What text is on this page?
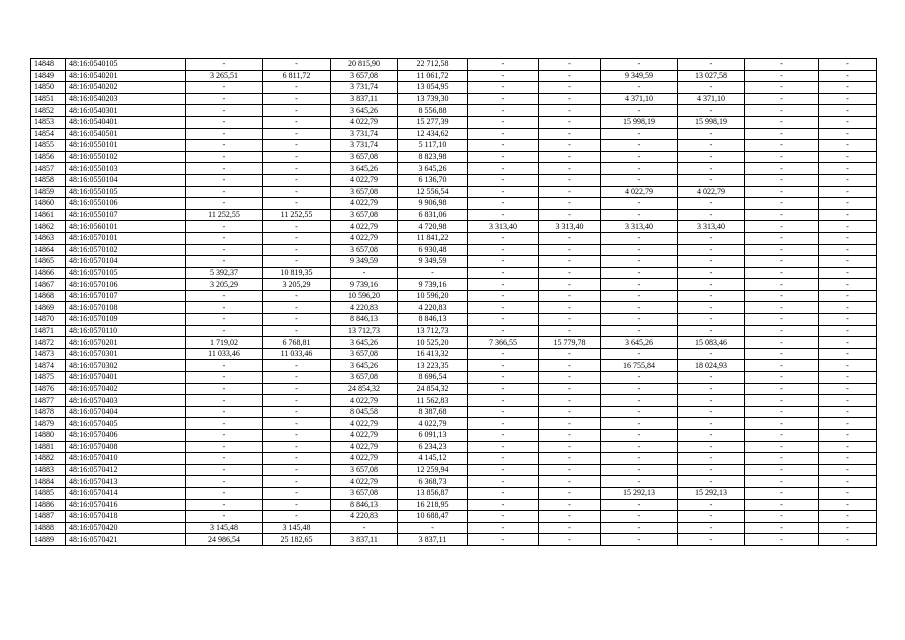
14848	48:16:0540105	-	-	20 815,90	22 712,58	-	-	-	-	-	-
14849	48:16:0540201	3 265,51	6 811,72	3 657,08	11 061,72	-	-	9 349,59	13 027,58	-	-
14850	48:16:0540202	-	-	3 731,74	13 054,95	-	-	-	-	-	-
14851	48:16:0540203	-	-	3 837,11	13 739,30	-	-	4 371,10	4 371,10	-	-
14852	48:16:0540301	-	-	3 645,26	8 556,88	-	-	-	-	-	-
14853	48:16:0540401	-	-	4 022,79	15 277,39	-	-	15 998,19	15 998,19	-	-
14854	48:16:0540501	-	-	3 731,74	12 434,62	-	-	-	-	-	-
14855	48:16:0550101	-	-	3 731,74	5 117,10	-	-	-	-	-	-
14856	48:16:0550102	-	-	3 657,08	8 823,98	-	-	-	-	-	-
14857	48:16:0550103	-	-	3 645,26	3 645,26	-	-	-	-	-	-
14858	48:16:0550104	-	-	4 022,79	6 136,70	-	-	-	-	-	-
14859	48:16:0550105	-	-	3 657,08	12 556,54	-	-	4 022,79	4 022,79	-	-
14860	48:16:0550106	-	-	4 022,79	9 906,98	-	-	-	-	-	-
14861	48:16:0550107	11 252,55	11 252,55	3 657,08	6 831,06	-	-	-	-	-	-
14862	48:16:0560101	-	-	4 022,79	4 720,98	3 313,40	3 313,40	3 313,40	3 313,40	-	-
14863	48:16:0570101	-	-	4 022,79	11 841,22	-	-	-	-	-	-
14864	48:16:0570102	-	-	3 657,08	6 930,48	-	-	-	-	-	-
14865	48:16:0570104	-	-	9 349,59	9 349,59	-	-	-	-	-	-
14866	48:16:0570105	5 392,37	10 819,35	-	-	-	-	-	-	-	-
14867	48:16:0570106	3 205,29	3 205,29	9 739,16	9 739,16	-	-	-	-	-	-
14868	48:16:0570107	-	-	10 596,20	10 596,20	-	-	-	-	-	-
14869	48:16:0570108	-	-	4 220,83	4 220,83	-	-	-	-	-	-
14870	48:16:0570109	-	-	8 846,13	8 846,13	-	-	-	-	-	-
14871	48:16:0570110	-	-	13 712,73	13 712,73	-	-	-	-	-	-
14872	48:16:0570201	1 719,02	6 768,81	3 645,26	10 525,20	7 366,55	15 779,78	3 645,26	15 083,46	-	-
14873	48:16:0570301	11 033,46	11 033,46	3 657,08	16 413,32	-	-	-	-	-	-
14874	48:16:0570302	-	-	3 645,26	13 223,35	-	-	16 755,84	18 024,93	-	-
14875	48:16:0570401	-	-	3 657,08	8 696,54	-	-	-	-	-	-
14876	48:16:0570402	-	-	24 854,32	24 854,32	-	-	-	-	-	-
14877	48:16:0570403	-	-	4 022,79	11 562,83	-	-	-	-	-	-
14878	48:16:0570404	-	-	8 045,58	8 387,68	-	-	-	-	-	-
14879	48:16:0570405	-	-	4 022,79	4 022,79	-	-	-	-	-	-
14880	48:16:0570406	-	-	4 022,79	6 091,13	-	-	-	-	-	-
14881	48:16:0570408	-	-	4 022,79	6 234,23	-	-	-	-	-	-
14882	48:16:0570410	-	-	4 022,79	4 145,12	-	-	-	-	-	-
14883	48:16:0570412	-	-	3 657,08	12 259,94	-	-	-	-	-	-
14884	48:16:0570413	-	-	4 022,79	6 368,73	-	-	-	-	-	-
14885	48:16:0570414	-	-	3 657,08	13 856,87	-	-	15 292,13	15 292,13	-	-
14886	48:16:0570416	-	-	8 846,13	16 218,95	-	-	-	-	-	-
14887	48:16:0570418	-	-	4 220,83	10 688,47	-	-	-	-	-	-
14888	48:16:0570420	3 145,48	3 145,48	-	-	-	-	-	-	-	-
14889	48:16:0570421	24 986,54	25 182,65	3 837,11	3 837,11	-	-	-	-	-	-
